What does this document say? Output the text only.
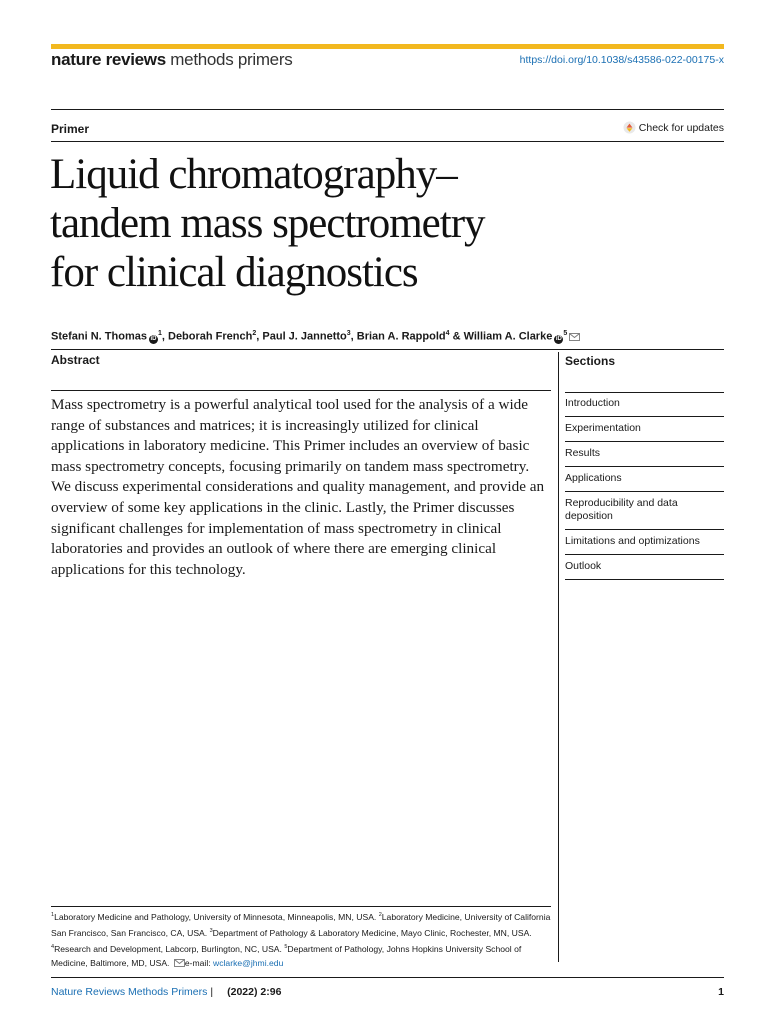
nature reviews methods primers	https://doi.org/10.1038/s43586-022-00175-x
Primer	Check for updates
Liquid chromatography–
tandem mass spectrometry
for clinical diagnostics
Stefani N. Thomas $iD^1$, Deborah French$^2$, Paul J. Jannetto$^3$, Brian A. Rappold$^4$ & William A. Clarke $iD^5$
Abstract

Mass spectrometry is a powerful analytical tool used for the analysis of a wide range of substances and matrices; it is increasingly utilized for clinical applications in laboratory medicine. This Primer includes an overview of basic mass spectrometry concepts, focusing primarily on tandem mass spectrometry. We discuss experimental considerations and quality management, and provide an overview of some key applications in the clinic. Lastly, the Primer discusses significant challenges for implementation of mass spectrometry in clinical laboratories and provides an outlook of where there are emerging clinical applications for this technology.

Sections
Introduction
Experimentation
Results
Applications
Reproducibility and data deposition
Limitations and optimizations
Outlook
$^1$Laboratory Medicine and Pathology, University of Minnesota, Minneapolis, MN, USA. $^2$Laboratory Medicine, University of California San Francisco, San Francisco, CA, USA. $^3$Department of Pathology & Laboratory Medicine, Mayo Clinic, Rochester, MN, USA. $^4$Research and Development, Labcorp, Burlington, NC, USA. $^5$Department of Pathology, Johns Hopkins University School of Medicine, Baltimore, MD, USA. e-mail: wclarke@jhmi.edu
Nature Reviews Methods Primers | (2022) 2:96	1
